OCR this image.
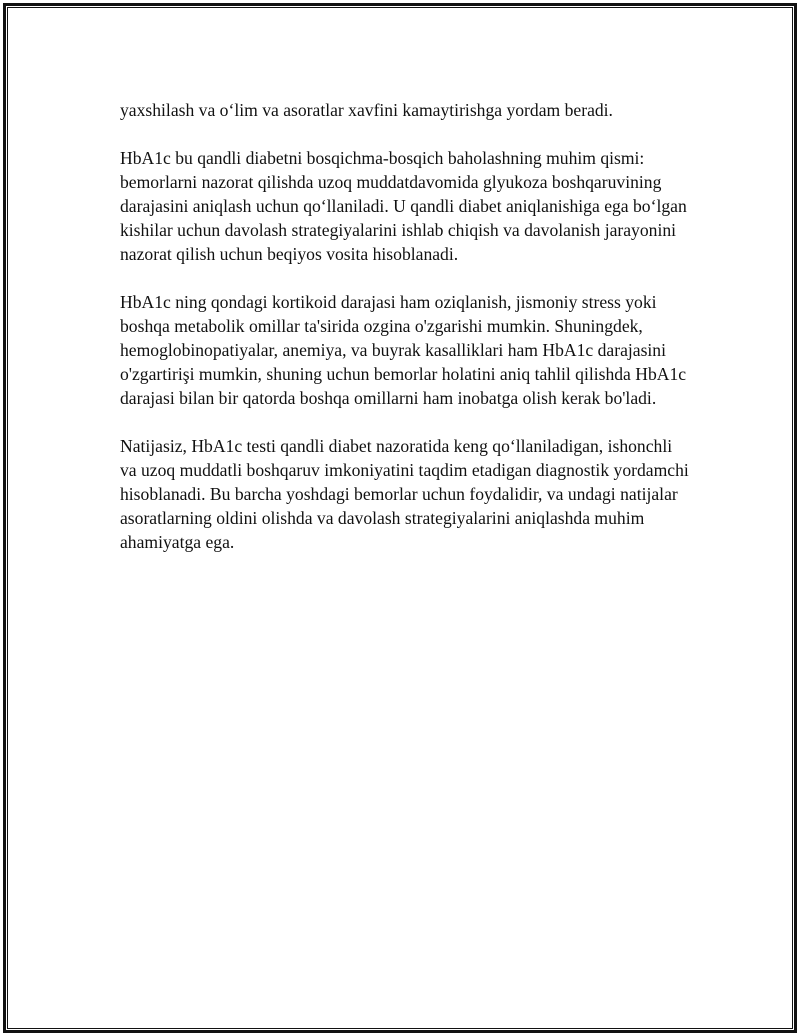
yaxshilash va o‘lim va asoratlar xavfini kamaytirishga yordam beradi.

HbA1c bu qandli diabetni bosqichma-bosqich baholashning muhim qismi: bemorlarni nazorat qilishda uzoq muddatdavomida glyukoza boshqaruvining darajasini aniqlash uchun qo‘llaniladi. U qandli diabet aniqlanishiga ega bo‘lgan kishilar uchun davolash strategiyalarini ishlab chiqish va davolanish jarayonini nazorat qilish uchun beqiyos vosita hisoblanadi.

HbA1c ning qondagi kortikoid darajasi ham oziqlanish, jismoniy stress yoki boshqa metabolik omillar ta'sirida ozgina o'zgarishi mumkin. Shuningdek, hemoglobinopatiyalar, anemiya, va buyrak kasalliklari ham HbA1c darajasini o'zgartirişi mumkin, shuning uchun bemorlar holatini aniq tahlil qilishda HbA1c darajasi bilan bir qatorda boshqa omillarni ham inobatga olish kerak bo'ladi.

Natijasiz, HbA1c testi qandli diabet nazoratida keng qo‘llaniladigan, ishonchli va uzoq muddatli boshqaruv imkoniyatini taqdim etadigan diagnostik yordamchi hisoblanadi. Bu barcha yoshdagi bemorlar uchun foydalidir, va undagi natijalar asoratlarning oldini olishda va davolash strategiyalarini aniqlashda muhim ahamiyatga ega.
